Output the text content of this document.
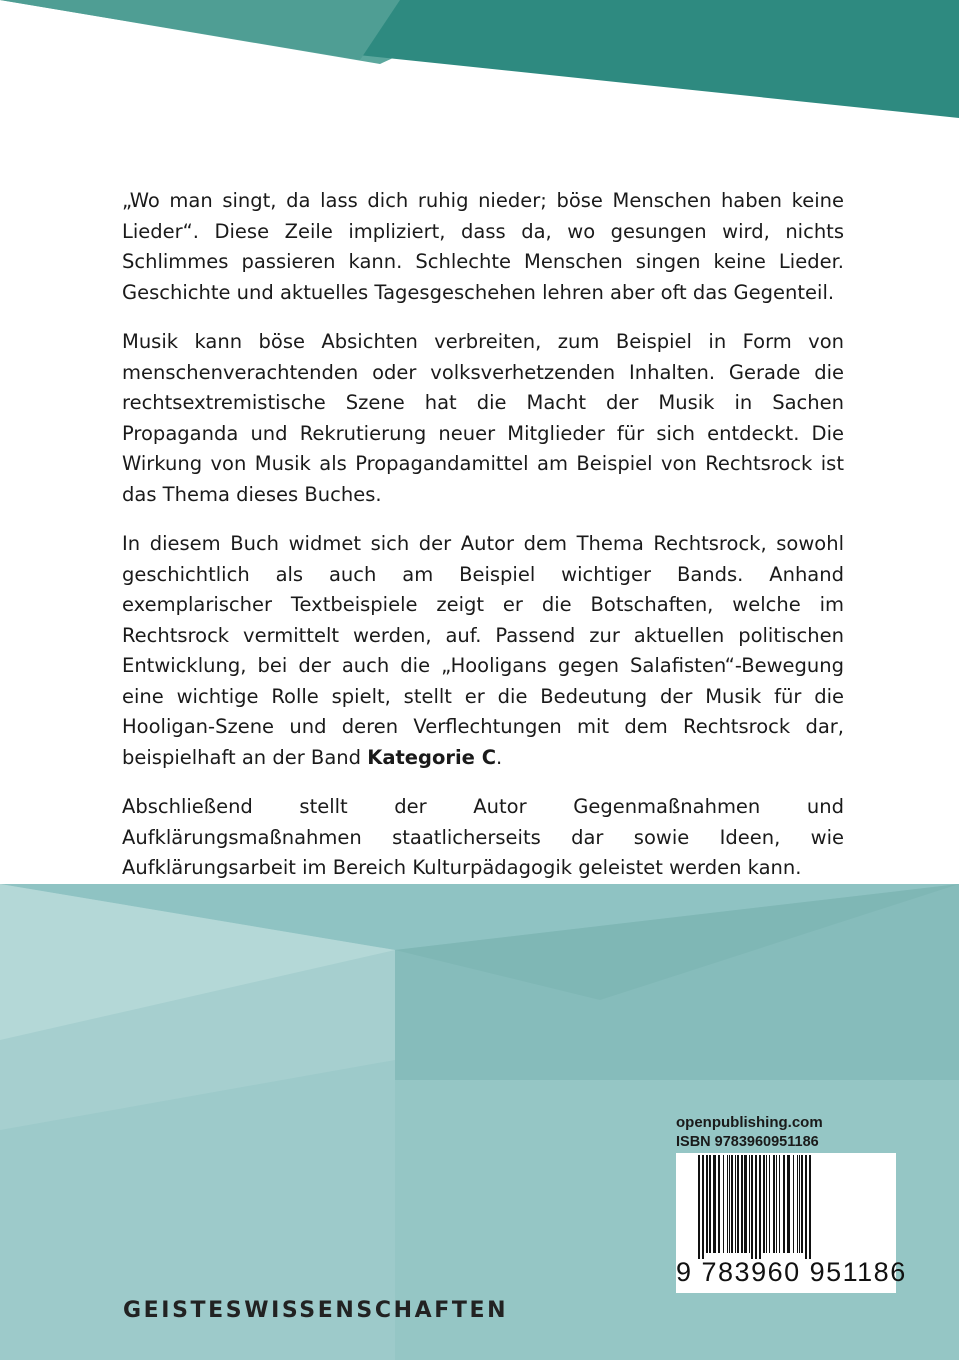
„Wo man singt, da lass dich ruhig nieder; böse Menschen haben keine Lieder“. Diese Zeile impliziert, dass da, wo gesungen wird, nichts Schlimmes passieren kann. Schlechte Menschen singen keine Lieder. Geschichte und aktuelles Tagesgeschehen lehren aber oft das Gegenteil.

Musik kann böse Absichten verbreiten, zum Beispiel in Form von menschenverachtenden oder volksverhetzenden Inhalten. Gerade die rechtsextremistische Szene hat die Macht der Musik in Sachen Propaganda und Rekrutierung neuer Mitglieder für sich entdeckt. Die Wirkung von Musik als Propagandamittel am Beispiel von Rechtsrock ist das Thema dieses Buches.

In diesem Buch widmet sich der Autor dem Thema Rechtsrock, sowohl geschichtlich als auch am Beispiel wichtiger Bands. Anhand exemplarischer Textbeispiele zeigt er die Botschaften, welche im Rechtsrock vermittelt werden, auf. Passend zur aktuellen politischen Entwicklung, bei der auch die „Hooligans gegen Salafisten“-Bewegung eine wichtige Rolle spielt, stellt er die Bedeutung der Musik für die Hooligan-Szene und deren Verflechtungen mit dem Rechtsrock dar, beispielhaft an der Band Kategorie C.

Abschließend stellt der Autor Gegenmaßnahmen und Aufklärungsmaßnahmen staatlicherseits dar sowie Ideen, wie Aufklärungsarbeit im Bereich Kulturpädagogik geleistet werden kann.

openpublishing.com
ISBN 9783960951186
9 783960 951186
GEISTESWISSENSCHAFTEN
